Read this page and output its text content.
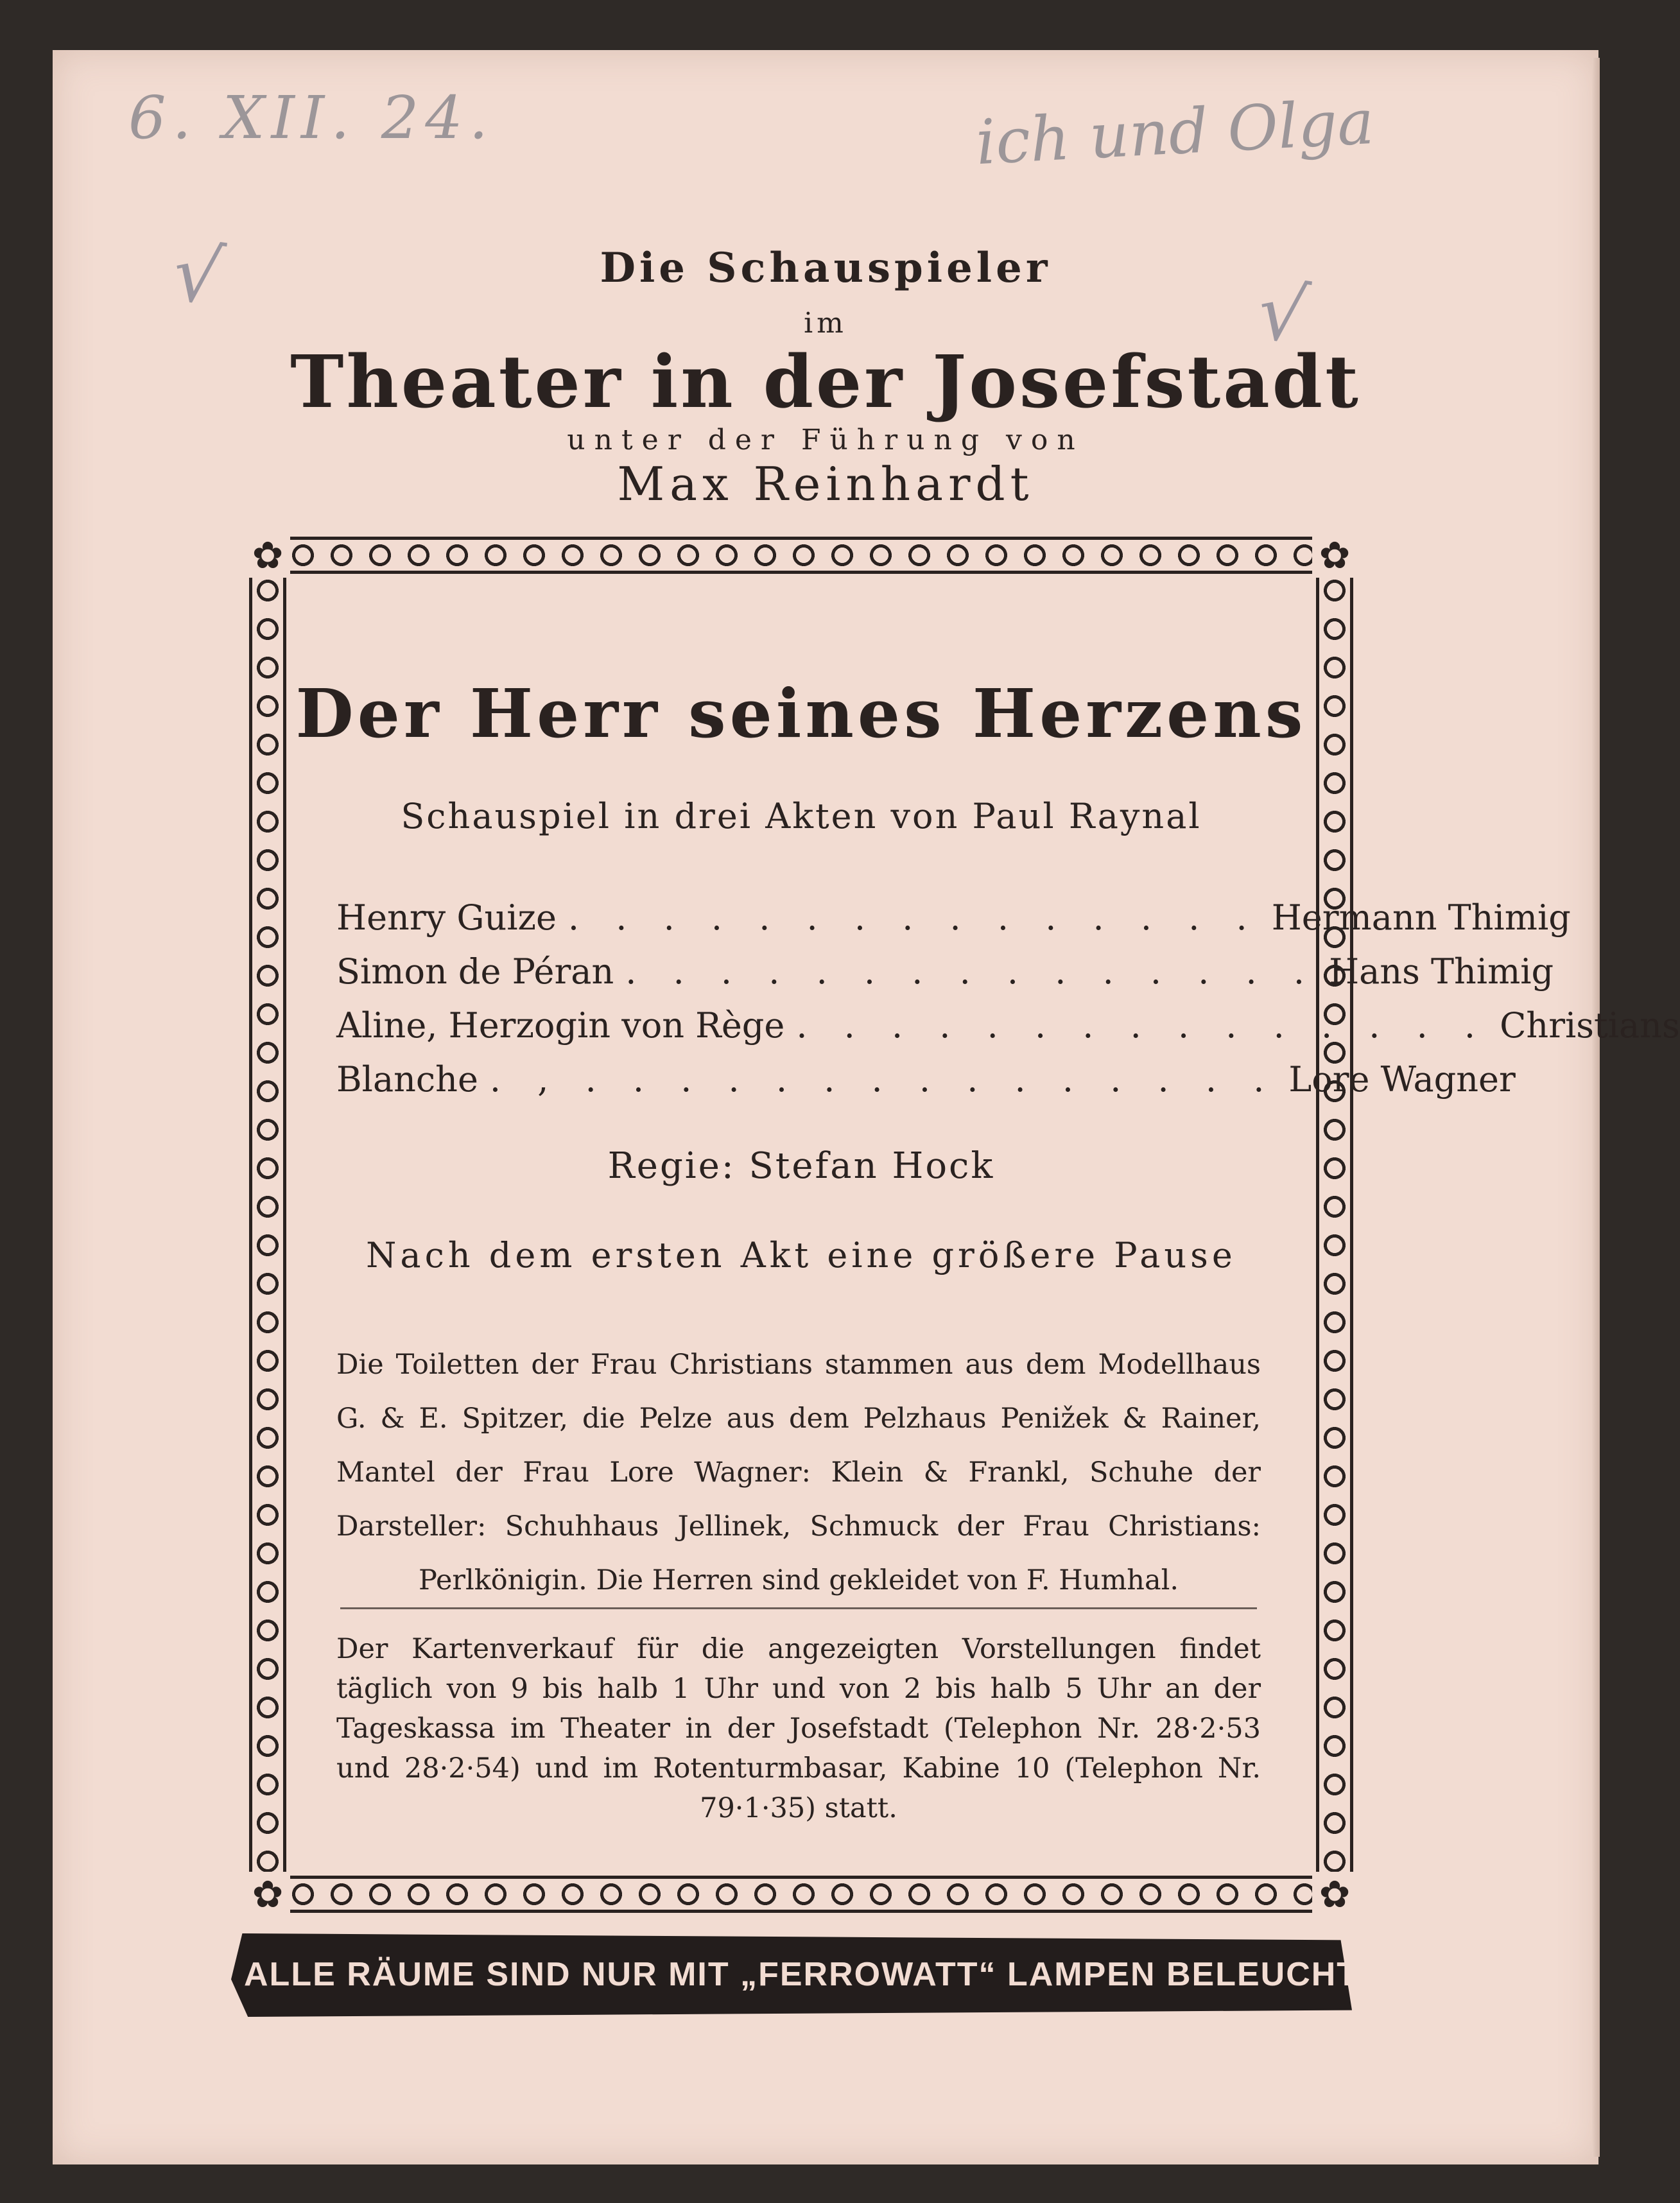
6. XII. 24.	ich und Olga
√	√
Die Schauspieler
im
Theater in der Josefstadt
unter der Führung von
Max Reinhardt
✿	✿
✿	✿
Der Herr seines Herzens
Schauspiel in drei Akten von Paul Raynal
Henry Guize . . . . . . . . . . . . . . . Hermann Thimig
Simon de Péran . . . . . . . . . . . . . . . Hans Thimig
Aline, Herzogin von Rège . . . . . . . . . . . . . . . Christians
Blanche . , . . . . . . . . . . . . . . . Lore Wagner
Regie: Stefan Hock
Nach dem ersten Akt eine größere Pause
Die Toiletten der Frau Christians stammen aus dem Modellhaus G. & E. Spitzer, die Pelze aus dem Pelzhaus Penižek & Rainer, Mantel der Frau Lore Wagner: Klein & Frankl, Schuhe der Darsteller: Schuhhaus Jellinek, Schmuck der Frau Christians: Perlkönigin. Die Herren sind gekleidet von F. Humhal.
Der Kartenverkauf für die angezeigten Vorstellungen findet täglich von 9 bis halb 1 Uhr und von 2 bis halb 5 Uhr an der Tageskassa im Theater in der Josefstadt (Telephon Nr. 28·2·53 und 28·2·54) und im Rotenturmbasar, Kabine 10 (Telephon Nr. 79·1·35) statt.
ALLE RÄUME SIND NUR MIT „FERROWATT“ LAMPEN BELEUCHTET!
